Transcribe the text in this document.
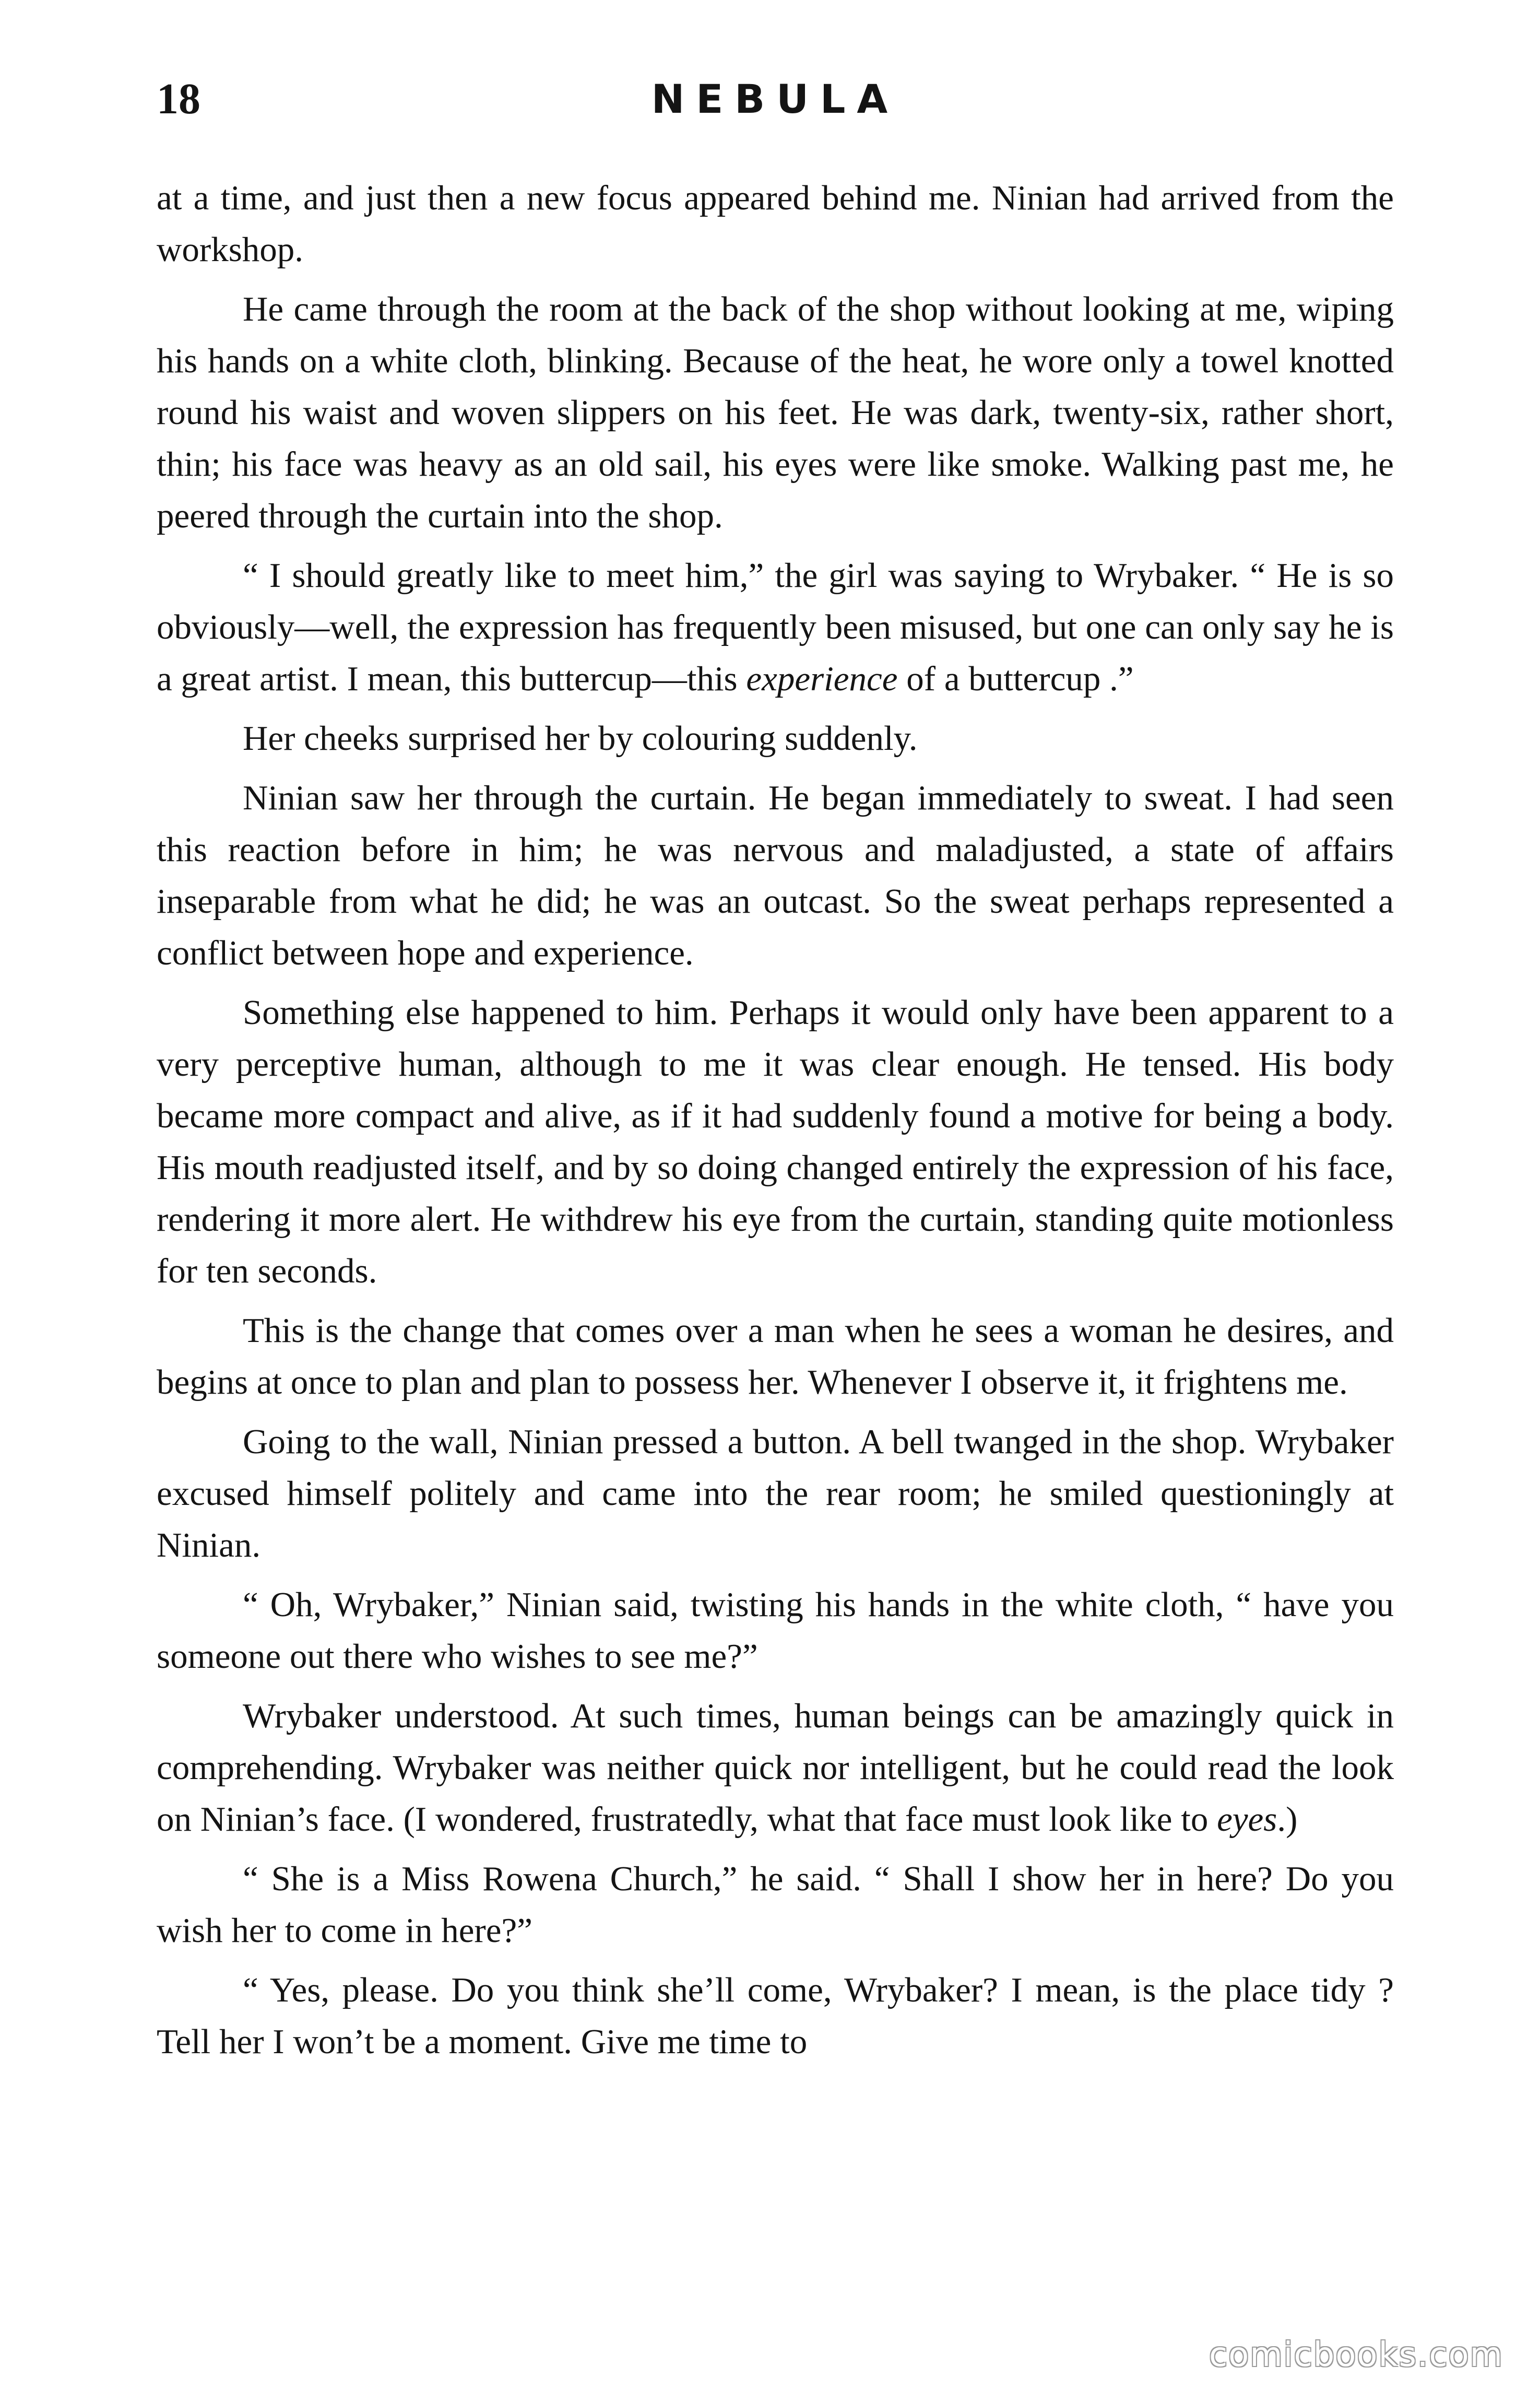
18	NEBULA

at a time, and just then a new focus appeared behind me. Ninian had arrived from the workshop.

He came through the room at the back of the shop without looking at me, wiping his hands on a white cloth, blinking. Because of the heat, he wore only a towel knotted round his waist and woven slippers on his feet. He was dark, twenty-six, rather short, thin; his face was heavy as an old sail, his eyes were like smoke. Walking past me, he peered through the curtain into the shop.

“ I should greatly like to meet him,” the girl was saying to Wrybaker. “ He is so obviously—well, the expression has frequently been misused, but one can only say he is a great artist. I mean, this buttercup—this experience of a buttercup .”

Her cheeks surprised her by colouring suddenly.

Ninian saw her through the curtain. He began immediately to sweat. I had seen this reaction before in him; he was nervous and maladjusted, a state of affairs inseparable from what he did; he was an outcast. So the sweat perhaps represented a conflict between hope and experience.

Something else happened to him. Perhaps it would only have been apparent to a very perceptive human, although to me it was clear enough. He tensed. His body became more compact and alive, as if it had suddenly found a motive for being a body. His mouth readjusted itself, and by so doing changed entirely the expression of his face, rendering it more alert. He withdrew his eye from the curtain, standing quite motionless for ten seconds.

This is the change that comes over a man when he sees a woman he desires, and begins at once to plan and plan to possess her. Whenever I observe it, it frightens me.

Going to the wall, Ninian pressed a button. A bell twanged in the shop. Wrybaker excused himself politely and came into the rear room; he smiled questioningly at Ninian.

“ Oh, Wrybaker,” Ninian said, twisting his hands in the white cloth, “ have you someone out there who wishes to see me?”

Wrybaker understood. At such times, human beings can be amazingly quick in comprehending. Wrybaker was neither quick nor intelligent, but he could read the look on Ninian’s face. (I wondered, frustratedly, what that face must look like to eyes.)

“ She is a Miss Rowena Church,” he said. “ Shall I show her in here? Do you wish her to come in here?”

“ Yes, please. Do you think she’ll come, Wrybaker? I mean, is the place tidy ? Tell her I won’t be a moment. Give me time to

comicbooks.com
